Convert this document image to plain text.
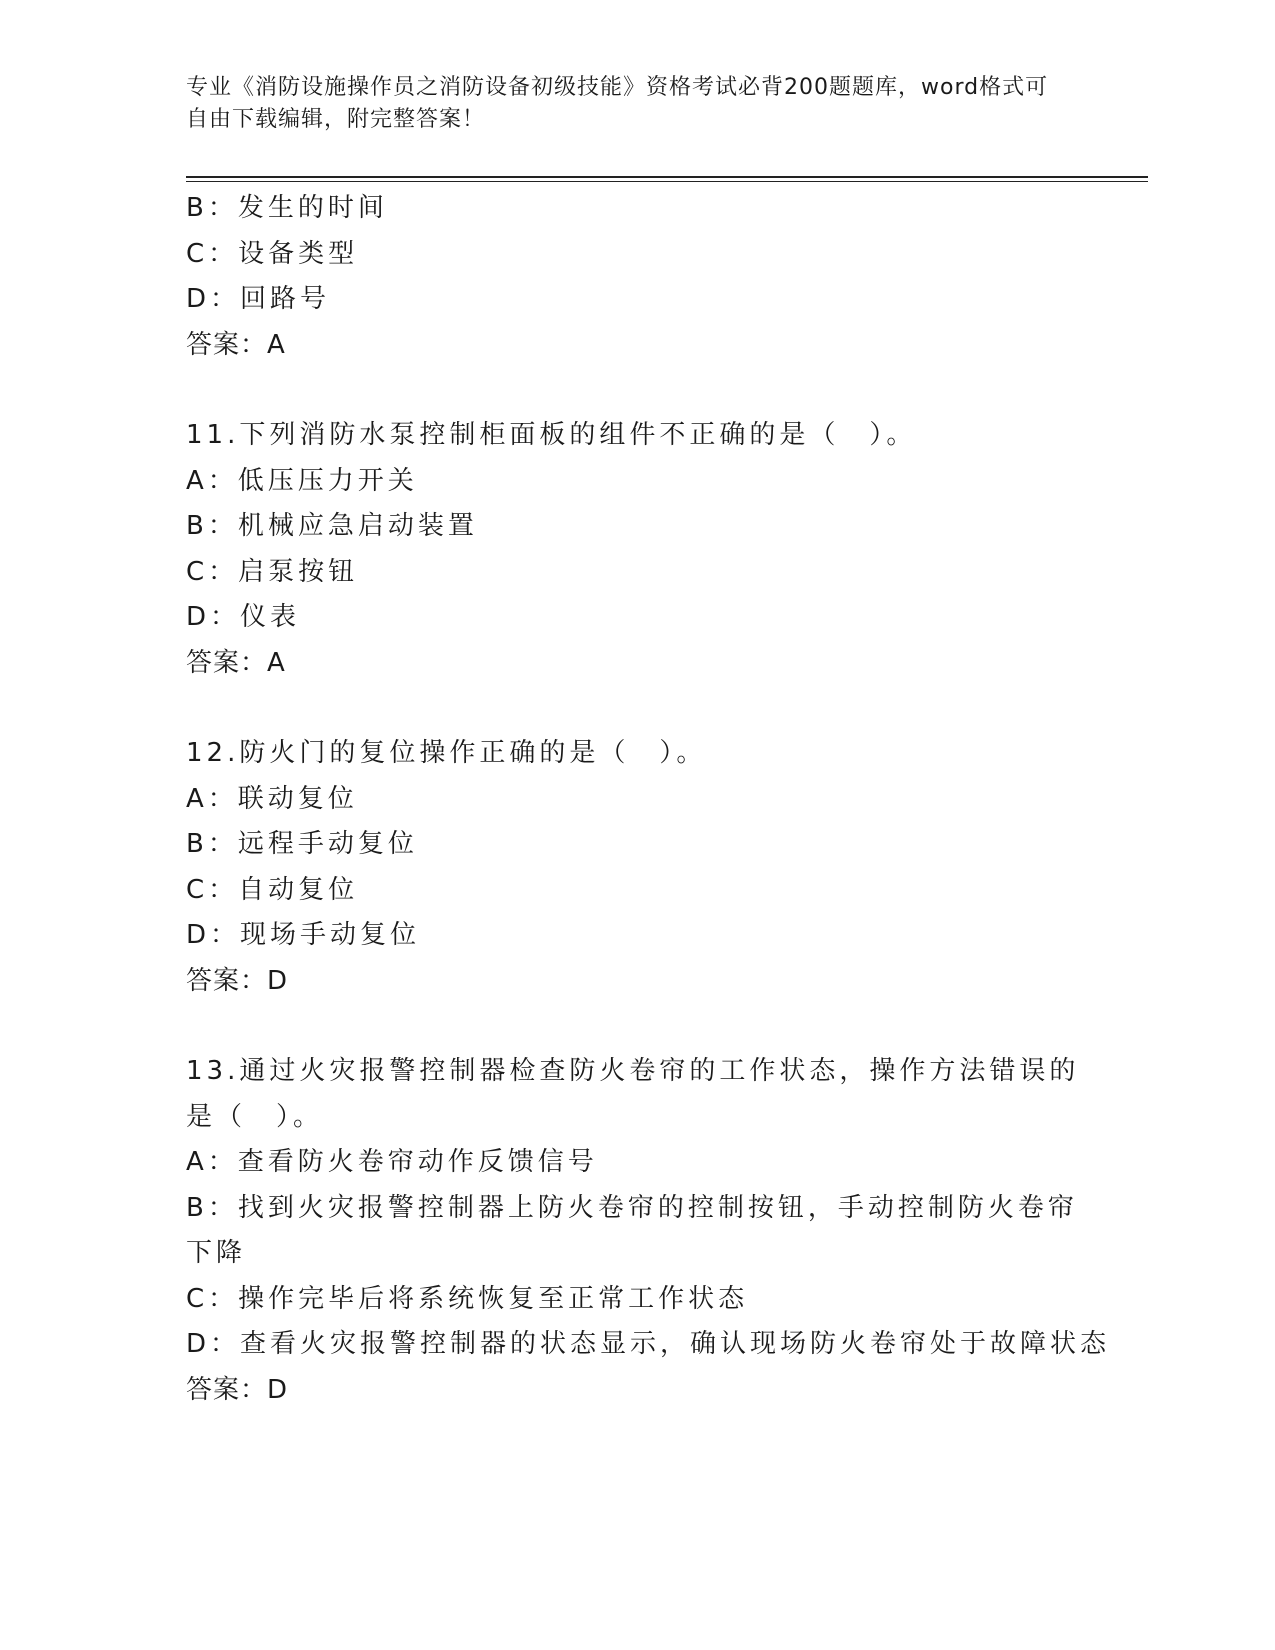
专业《消防设施操作员之消防设备初级技能》资格考试必背200题题库，word格式可自由下载编辑，附完整答案！
B：发生的时间
C：设备类型
D：回路号
答案：A
11.下列消防水泵控制柜面板的组件不正确的是（　）。
A：低压压力开关
B：机械应急启动装置
C：启泵按钮
D：仪表
答案：A
12.防火门的复位操作正确的是（　）。
A：联动复位
B：远程手动复位
C：自动复位
D：现场手动复位
答案：D
13.通过火灾报警控制器检查防火卷帘的工作状态，操作方法错误的是（　）。
A：查看防火卷帘动作反馈信号
B：找到火灾报警控制器上防火卷帘的控制按钮，手动控制防火卷帘下降
C：操作完毕后将系统恢复至正常工作状态
D：查看火灾报警控制器的状态显示，确认现场防火卷帘处于故障状态
答案：D
